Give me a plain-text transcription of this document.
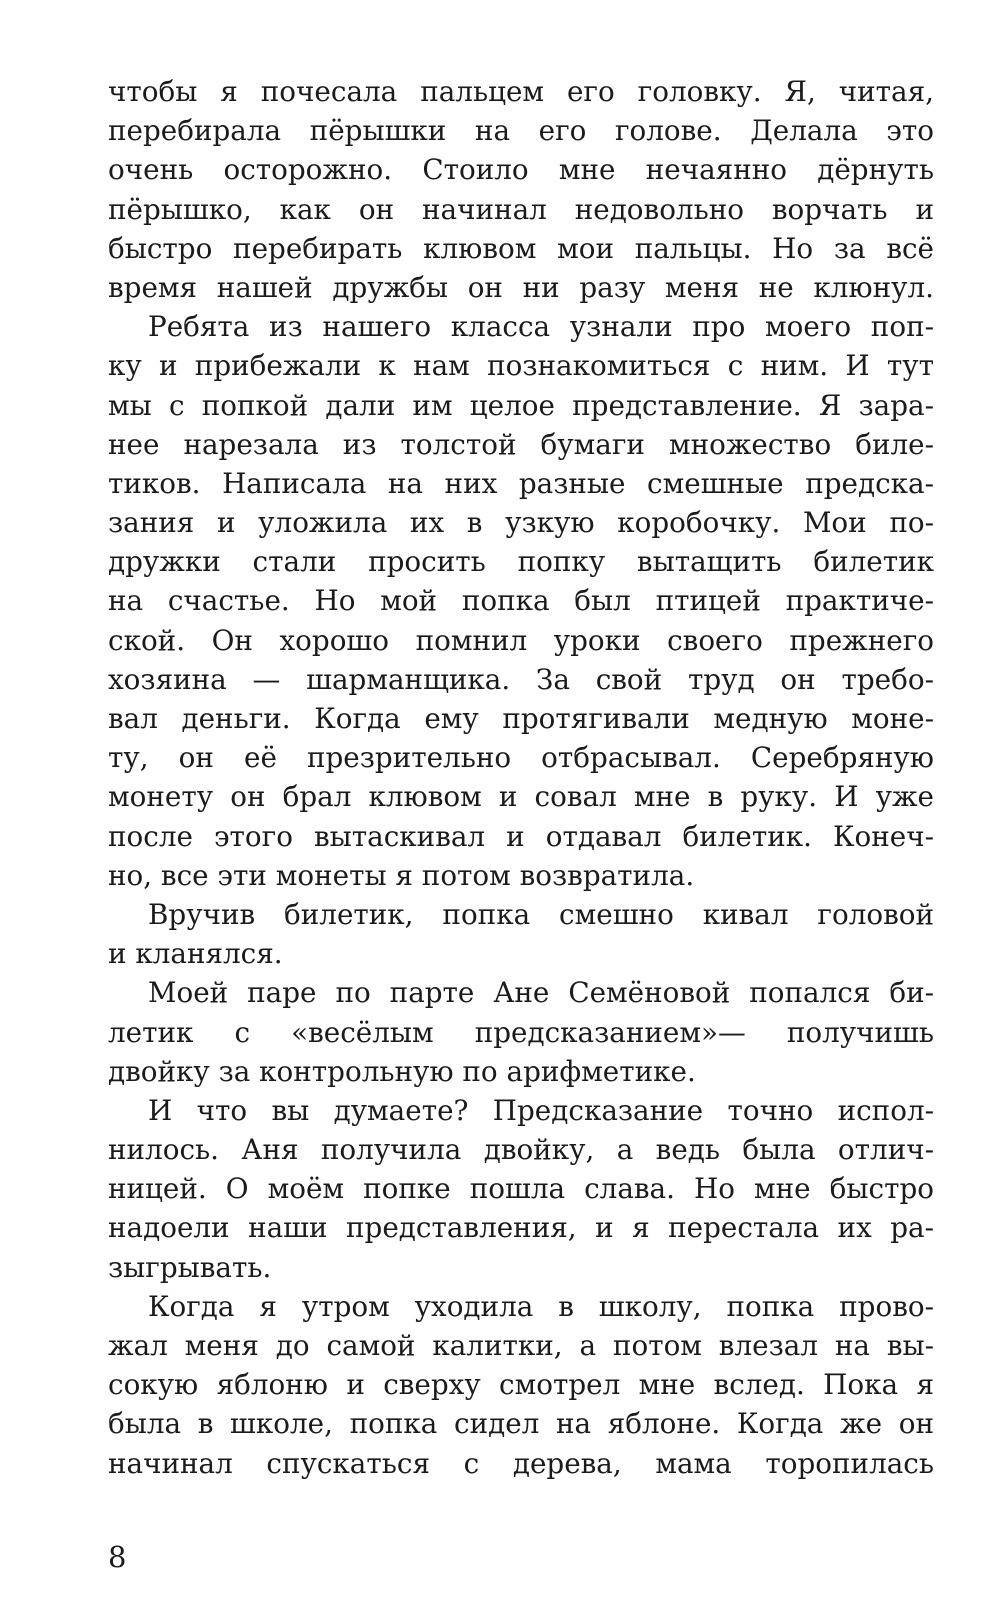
чтобы я почесала пальцем его головку. Я, читая,
перебирала пёрышки на его голове. Делала это
очень осторожно. Стоило мне нечаянно дёрнуть
пёрышко, как он начинал недовольно ворчать и
быстро перебирать клювом мои пальцы. Но за всё
время нашей дружбы он ни разу меня не клюнул.
Ребята из нашего класса узнали про моего поп-
ку и прибежали к нам познакомиться с ним. И тут
мы с попкой дали им целое представление. Я зара-
нее нарезала из толстой бумаги множество биле-
тиков. Написала на них разные смешные предска-
зания и уложила их в узкую коробочку. Мои по-
дружки стали просить попку вытащить билетик
на счастье. Но мой попка был птицей практиче-
ской. Он хорошо помнил уроки своего прежнего
хозяина — шарманщика. За свой труд он требо-
вал деньги. Когда ему протягивали медную моне-
ту, он её презрительно отбрасывал. Серебряную
монету он брал клювом и совал мне в руку. И уже
после этого вытаскивал и отдавал билетик. Конеч-
но, все эти монеты я потом возвратила.
Вручив билетик, попка смешно кивал головой
и кланялся.
Моей паре по парте Ане Семёновой попался би-
летик с «весёлым предсказанием»— получишь
двойку за контрольную по арифметике.
И что вы думаете? Предсказание точно испол-
нилось. Аня получила двойку, а ведь была отлич-
ницей. О моём попке пошла слава. Но мне быстро
надоели наши представления, и я перестала их ра-
зыгрывать.
Когда я утром уходила в школу, попка прово-
жал меня до самой калитки, а потом влезал на вы-
сокую яблоню и сверху смотрел мне вслед. Пока я
была в школе, попка сидел на яблоне. Когда же он
начинал спускаться с дерева, мама торопилась
8
